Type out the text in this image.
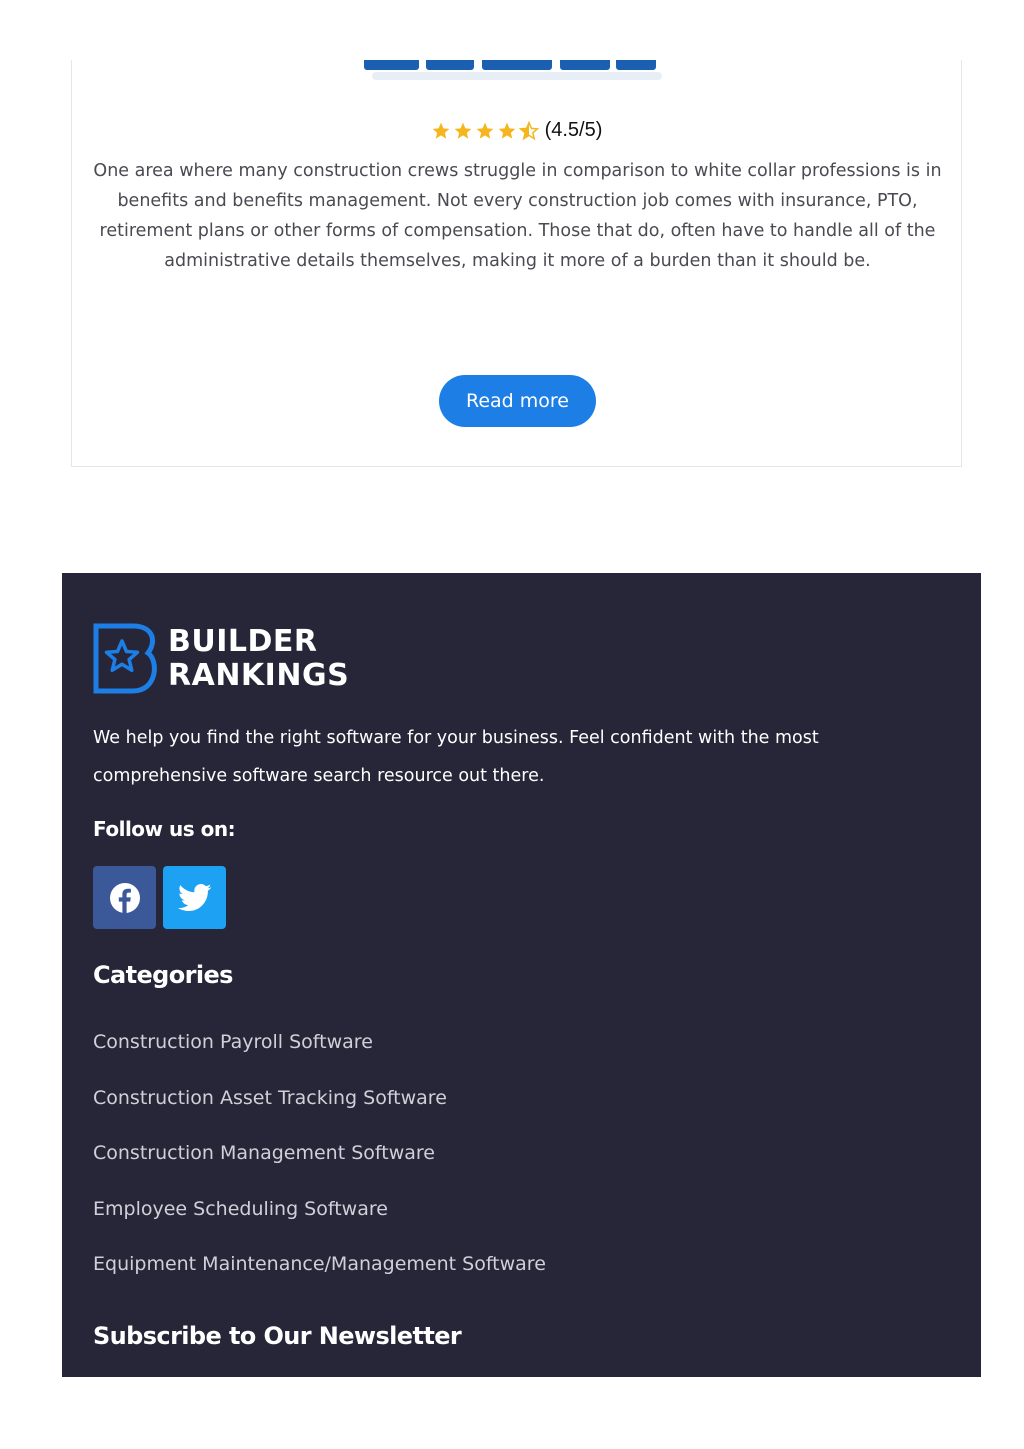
(4.5/5)

One area where many construction crews struggle in comparison to white collar professions is in benefits and benefits management. Not every construction job comes with insurance, PTO, retirement plans or other forms of compensation. Those that do, often have to handle all of the administrative details themselves, making it more of a burden than it should be.

Read more
BUILDER
RANKINGS

We help you find the right software for your business. Feel confident with the most comprehensive software search resource out there.

Follow us on:
Categories
Construction Payroll Software
Construction Asset Tracking Software
Construction Management Software
Employee Scheduling Software
Equipment Maintenance/Management Software
Subscribe to Our Newsletter
